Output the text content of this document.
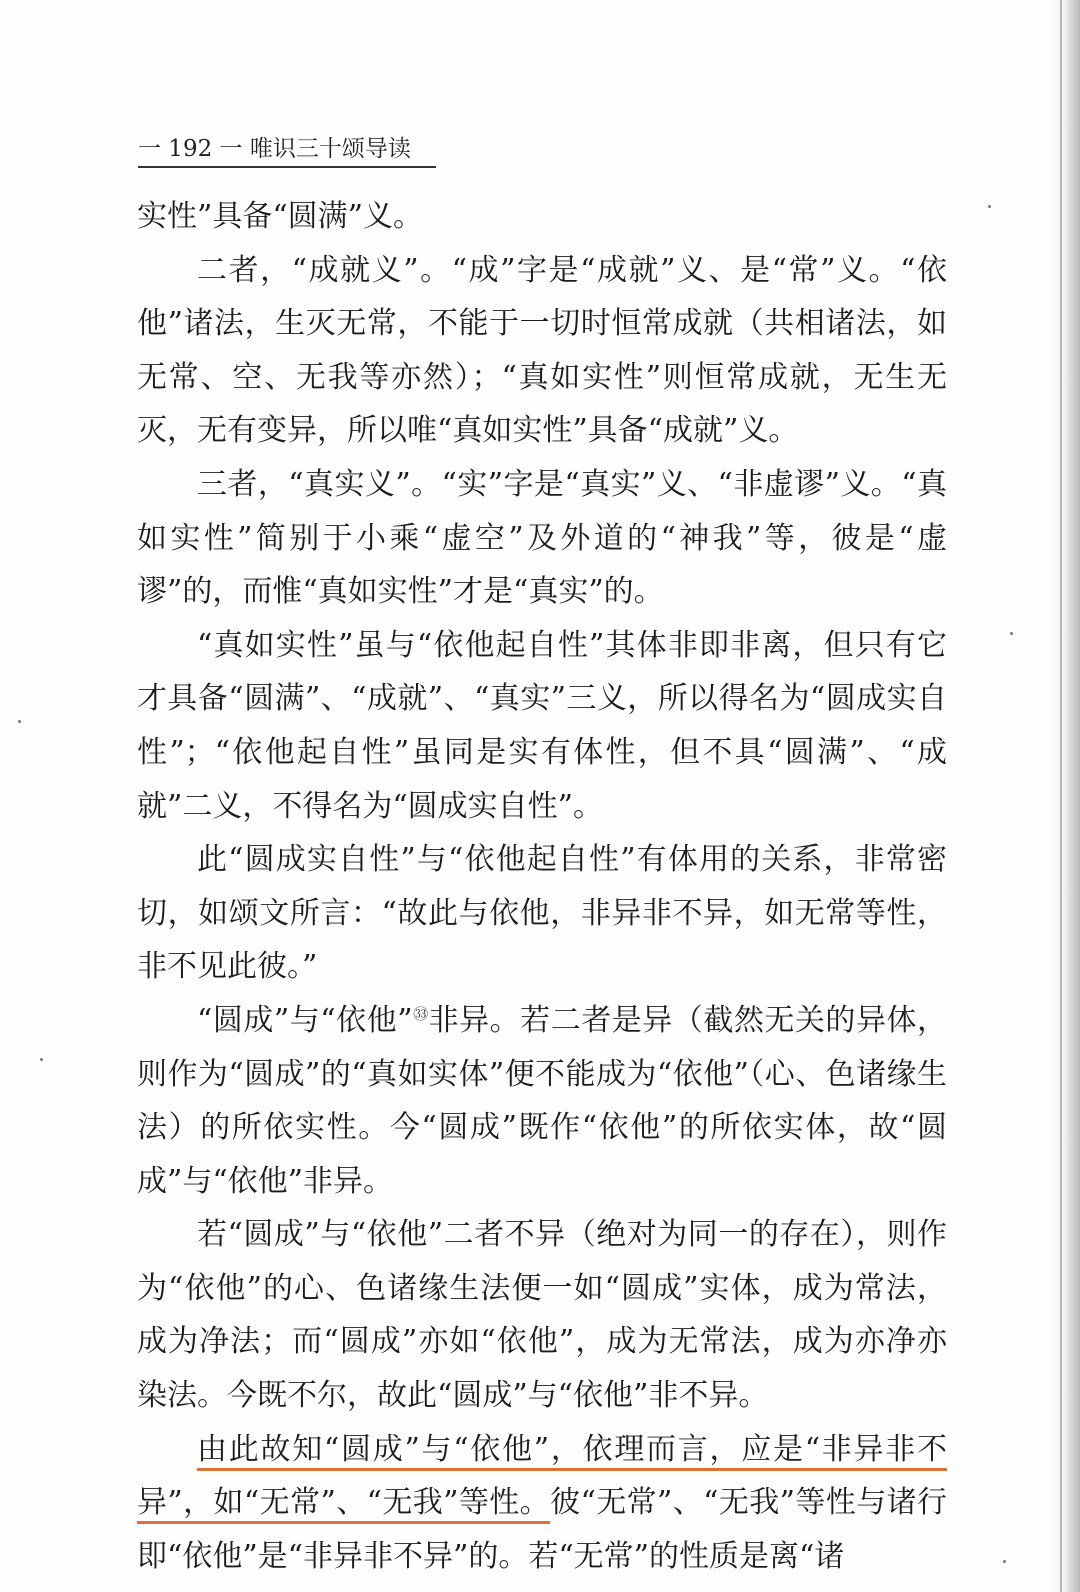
一 192 一 唯识三十颂导读

实性”具备“圆满”义。

二者，“成就义”。“成”字是“成就”义、是“常”义。“依他”诸法，生灭无常，不能于一切时恒常成就（共相诸法，如无常、空、无我等亦然）；“真如实性”则恒常成就，无生无灭，无有变异，所以唯“真如实性”具备“成就”义。

三者，“真实义”。“实”字是“真实”义、“非虚谬”义。“真如实性”简别于小乘“虚空”及外道的“神我”等，彼是“虚谬”的，而惟“真如实性”才是“真实”的。

“真如实性”虽与“依他起自性”其体非即非离，但只有它才具备“圆满”、“成就”、“真实”三义，所以得名为“圆成实自性”；“依他起自性”虽同是实有体性，但不具“圆满”、“成就”二义，不得名为“圆成实自性”。

此“圆成实自性”与“依他起自性”有体用的关系，非常密切，如颂文所言：“故此与依他，非异非不异，如无常等性，非不见此彼。”

“圆成”与“依他”$^㉝$非异。若二者是异（截然无关的异体，则作为“圆成”的“真如实体”便不能成为“依他”（心、色诸缘生法）的所依实性。今“圆成”既作“依他”的所依实体，故“圆成”与“依他”非异。

若“圆成”与“依他”二者不异（绝对为同一的存在），则作为“依他”的心、色诸缘生法便一如“圆成”实体，成为常法，成为净法；而“圆成”亦如“依他”，成为无常法，成为亦净亦染法。今既不尔，故此“圆成”与“依他”非不异。

由此故知“圆成”与“依他”，依理而言，应是“非异非不异”，如“无常”、“无我”等性。彼“无常”、“无我”等性与诸行即“依他”是“非异非不异”的。若“无常”的性质是离“诸
